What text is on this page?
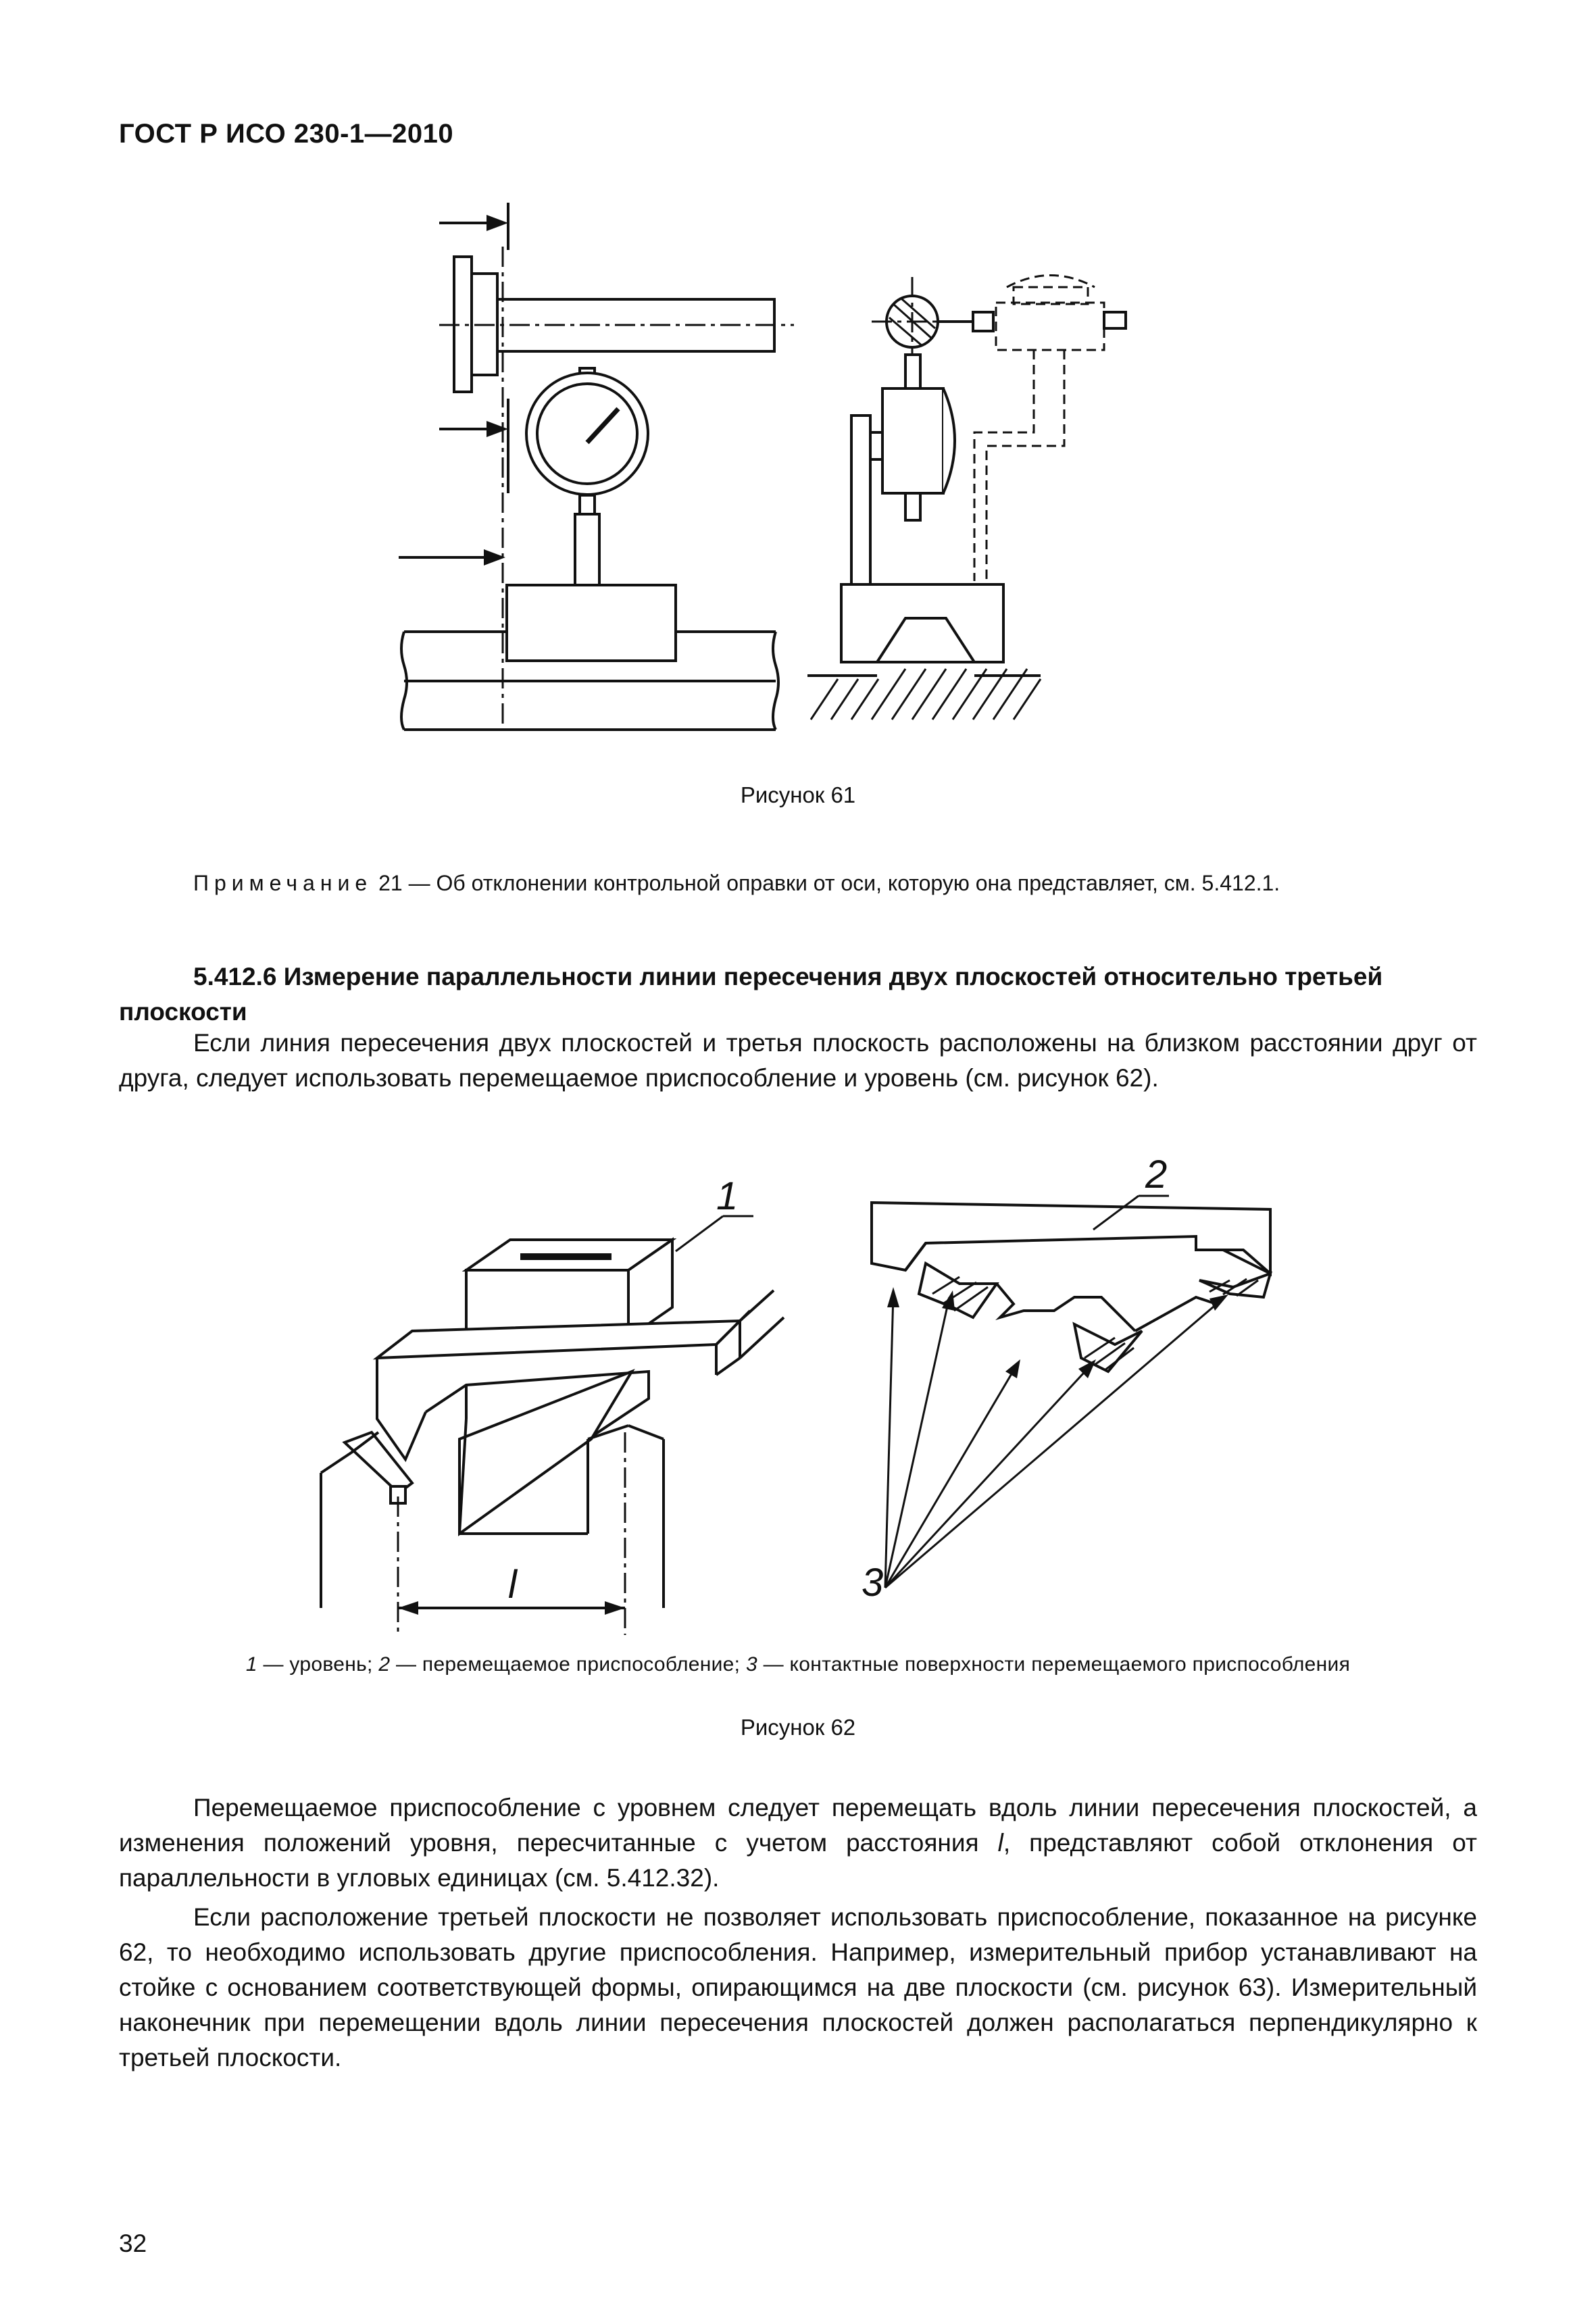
ГОСТ Р ИСО 230-1—2010
Рисунок 61
Примечание 21 — Об отклонении контрольной оправки от оси, которую она представляет, см. 5.412.1.
5.412.6 Измерение параллельности линии пересечения двух плоскостей относительно третьей плоскости
Если линия пересечения двух плоскостей и третья плоскость расположены на близком расстоянии друг от друга, следует использовать перемещаемое приспособление и уровень (см. рисунок 62).
l
1	2
3
1 — уровень; 2 — перемещаемое приспособление; 3 — контактные поверхности перемещаемого приспособления
Рисунок 62
Перемещаемое приспособление с уровнем следует перемещать вдоль линии пересечения плоскостей, а изменения положений уровня, пересчитанные с учетом расстояния l, представляют собой отклонения от параллельности в угловых единицах (см. 5.412.32).
Если расположение третьей плоскости не позволяет использовать приспособление, показанное на рисунке 62, то необходимо использовать другие приспособления. Например, измерительный прибор устанавливают на стойке с основанием соответствующей формы, опирающимся на две плоскости (см. рисунок 63). Измерительный наконечник при перемещении вдоль линии пересечения плоскостей должен располагаться перпендикулярно к третьей плоскости.
32
